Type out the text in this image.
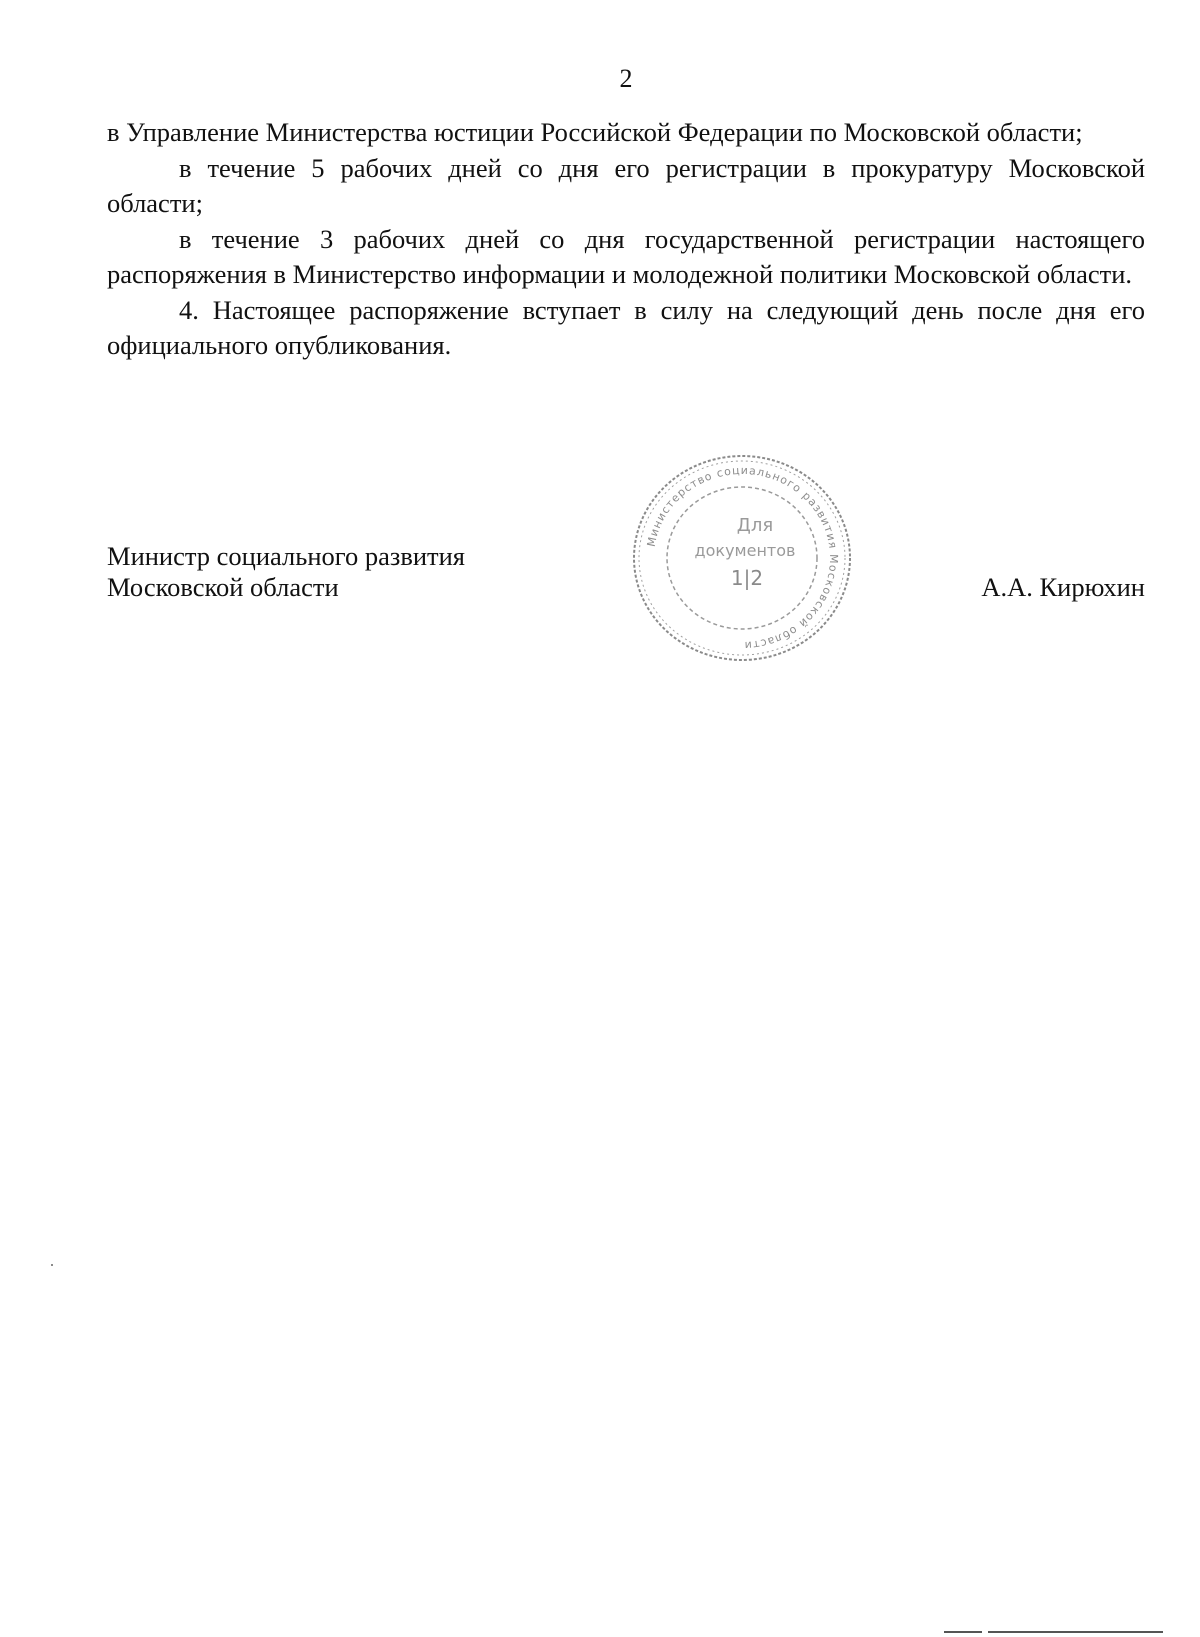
2

в Управление Министерства юстиции Российской Федерации по Московской области;

в течение 5 рабочих дней со дня его регистрации в прокуратуру Московской области;

в течение 3 рабочих дней со дня государственной регистрации настоящего распоряжения в Министерство информации и молодежной политики Московской области.

4. Настоящее распоряжение вступает в силу на следующий день после дня его официального опубликования.

Министр социального развития
Московской области	А.А. Кирюхин
Министерство социального развития Московской области
Для
документов
1|2
